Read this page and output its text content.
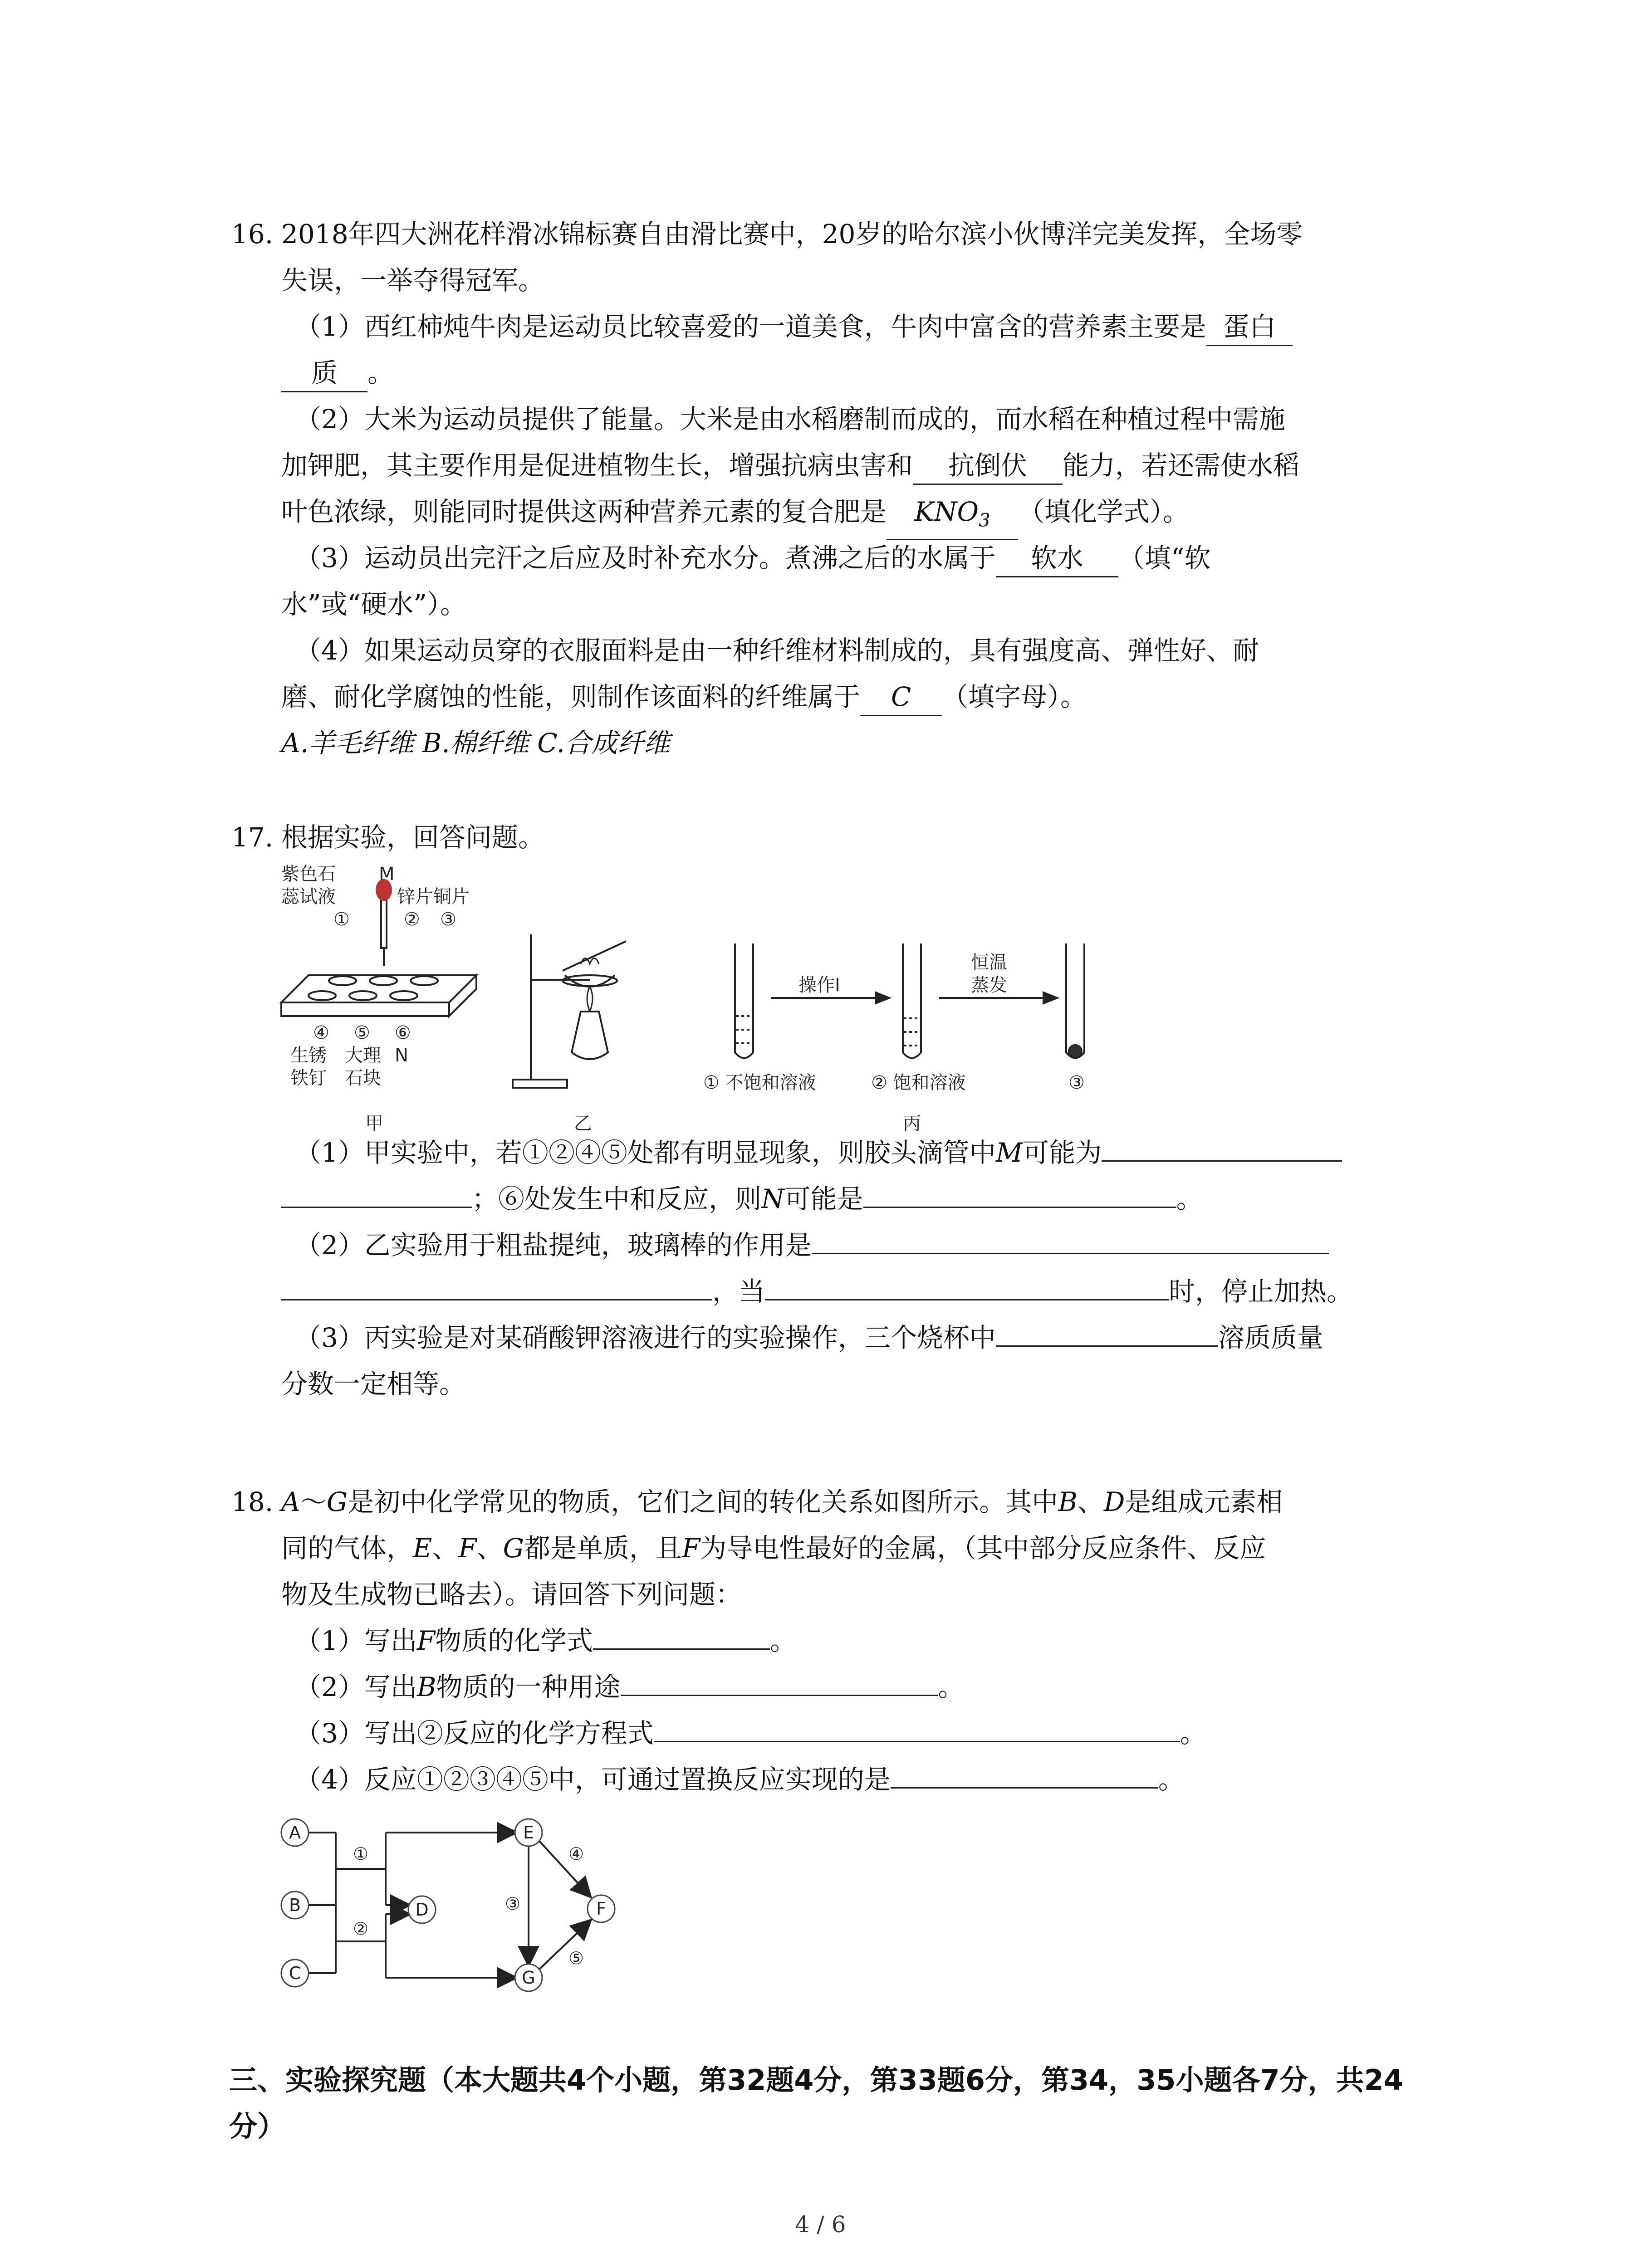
16. 2018年四大洲花样滑冰锦标赛自由滑比赛中，20岁的哈尔滨小伙博洋完美发挥，全场零
失误，一举夺得冠军。
（1）西红柿炖牛肉是运动员比较喜爱的一道美食，牛肉中富含的营养素主要是 蛋白
质 。
（2）大米为运动员提供了能量。大米是由水稻磨制而成的，而水稻在种植过程中需施
加钾肥，其主要作用是促进植物生长，增强抗病虫害和 抗倒伏 能力，若还需使水稻
叶色浓绿，则能同时提供这两种营养元素的复合肥是 $KNO_3$ （填化学式）。
（3）运动员出完汗之后应及时补充水分。煮沸之后的水属于 软水 （填“软
水”或“硬水”）。
（4）如果运动员穿的衣服面料是由一种纤维材料制成的，具有强度高、弹性好、耐
磨、耐化学腐蚀的性能，则制作该面料的纤维属于 C （填字母）。
A.羊毛纤维 B.棉纤维 C.合成纤维
17. 根据实验，回答问题。
紫色石
蕊试液
M
锌片 铜片
①	② ③
④ ⑤ ⑥
N
生锈
铁钉
大理
石块
甲	乙
操作Ⅰ
恒温
蒸发
① 不饱和溶液	② 饱和溶液	③
丙
（1）甲实验中，若①②④⑤处都有明显现象，则胶头滴管中M可能为
；⑥处发生中和反应，则N可能是	。
（2）乙实验用于粗盐提纯，玻璃棒的作用是
，当	时，停止加热。
（3）丙实验是对某硝酸钾溶液进行的实验操作，三个烧杯中	溶质质量
分数一定相等。
18. A～G是初中化学常见的物质，它们之间的转化关系如图所示。其中B、D是组成元素相
同的气体，E、F、G都是单质，且F为导电性最好的金属，（其中部分反应条件、反应
物及生成物已略去）。请回答下列问题：
（1）写出F物质的化学式	。
（2）写出B物质的一种用途	。
（3）写出②反应的化学方程式	。
（4）反应①②③④⑤中，可通过置换反应实现的是	。
A
B
C
D
E
F
G
①
②
③
④
⑤
三、实验探究题（本大题共4个小题，第32题4分，第33题6分，第34，35小题各7分，共24
分）
4 / 6
